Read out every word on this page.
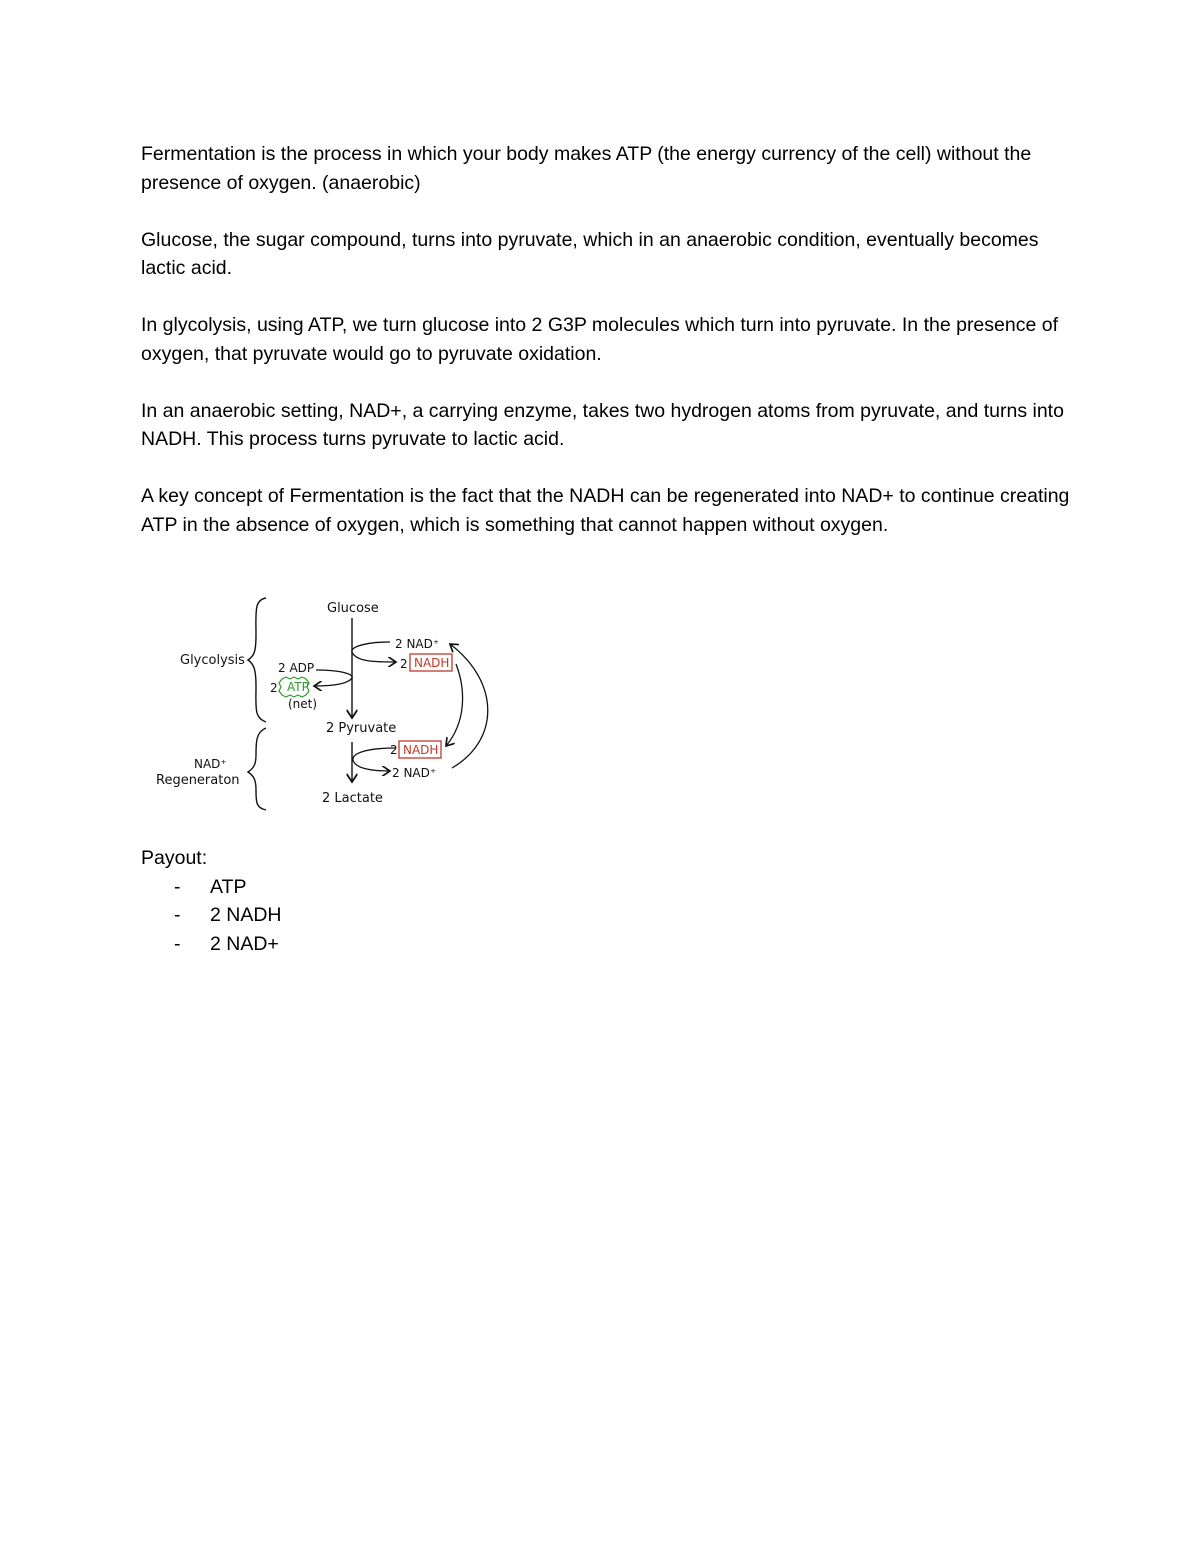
Fermentation is the process in which your body makes ATP (the energy currency of the cell) without the presence of oxygen. (anaerobic)

Glucose, the sugar compound, turns into pyruvate, which in an anaerobic condition, eventually becomes lactic acid.

In glycolysis, using ATP, we turn glucose into 2 G3P molecules which turn into pyruvate. In the presence of oxygen, that pyruvate would go to pyruvate oxidation.

In an anaerobic setting, NAD+, a carrying enzyme, takes two hydrogen atoms from pyruvate, and turns into NADH. This process turns pyruvate to lactic acid.

A key concept of Fermentation is the fact that the NADH can be regenerated into NAD+ to continue creating ATP in the absence of oxygen, which is something that cannot happen without oxygen.

Glucose
Glycolysis
2 NAD⁺
2 NADH
2 ADP
2 ATP
(net)
2 Pyruvate
NAD⁺
Regeneraton
2 NADH
2 NAD⁺
2 Lactate
Payout:
-	ATP
-	2 NADH
-	2 NAD+
